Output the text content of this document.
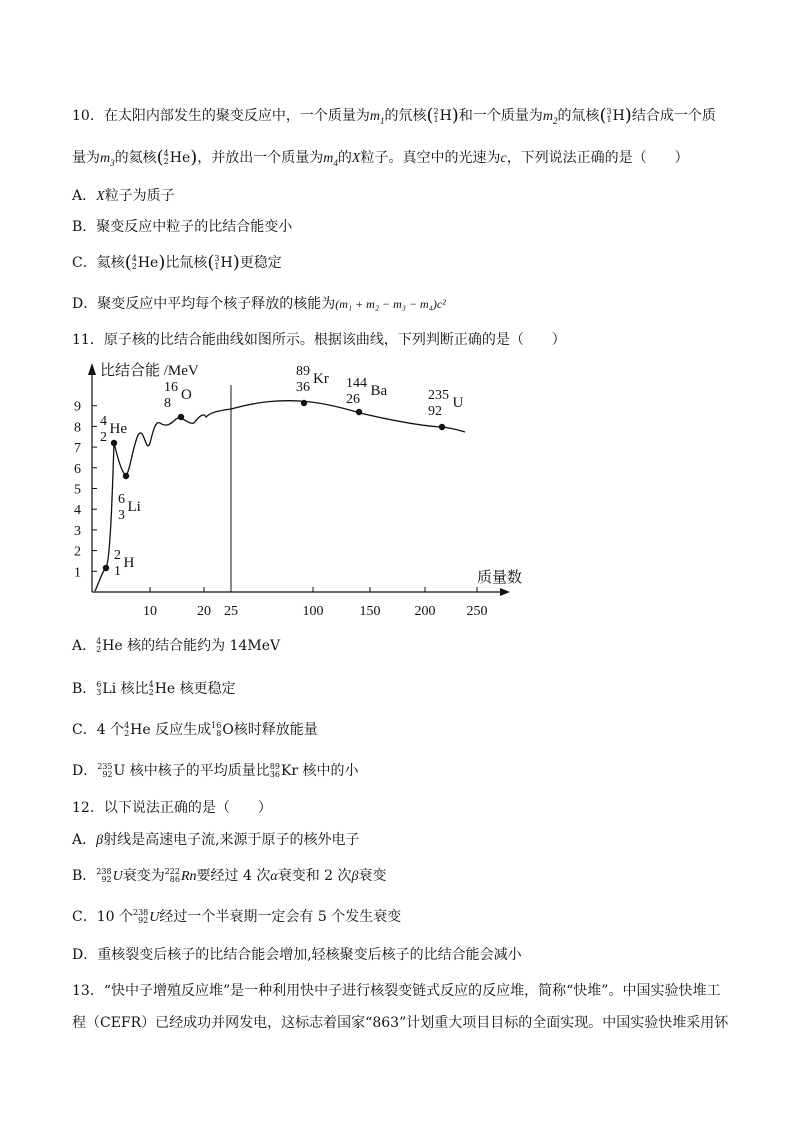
10．在太阳内部发生的聚变反应中，一个质量为$m_1$的氘核( 2
1 H)和一个质量为$m_2$的氚核( 3
1 H)结合成一个质
量为$m_3$的氦核( 4
2 He)，并放出一个质量为$m_4$的X粒子。真空中的光速为c，下列说法正确的是（　　）
A．X粒子为质子
B．聚变反应中粒子的比结合能变小
C．氦核( 4
2 He)比氚核( 3
1 H)更稳定
D．聚变反应中平均每个核子释放的核能为(m₁ + m₂ − m₃ − m₄)c²
11．原子核的比结合能曲线如图所示。根据该曲线，下列判断正确的是（　　）
比结合能 /MeV
质量数
1
2
3
4
5
6
7
8
9
10	20 25	100	150 200 250
2
1
H
4
2
He
6
3
Li
16
8
O
89
36
Kr 144
26
Ba	235
92
U
A． 4
2 He 核的结合能约为 14MeV
B． 6
3 Li 核比 4
2 He 核更稳定
C．4 个 4
2 He 反应生成 16
8 O核时释放能量
D． 235
92 U 核中核子的平均质量比 89
36 Kr 核中的小
12．以下说法正确的是（　　）
A．β射线是高速电子流,来源于原子的核外电子
B． 238
92 U衰变为 222
86 Rn要经过 4 次α衰变和 2 次β衰变
C．10 个 238
92 U经过一个半衰期一定会有 5 个发生衰变
D．重核裂变后核子的比结合能会增加,轻核聚变后核子的比结合能会减小
13．“快中子增殖反应堆”是一种利用快中子进行核裂变链式反应的反应堆，简称“快堆”。中国实验快堆工
程（CEFR）已经成功并网发电，这标志着国家“863”计划重大项目目标的全面实现。中国实验快堆采用钚
